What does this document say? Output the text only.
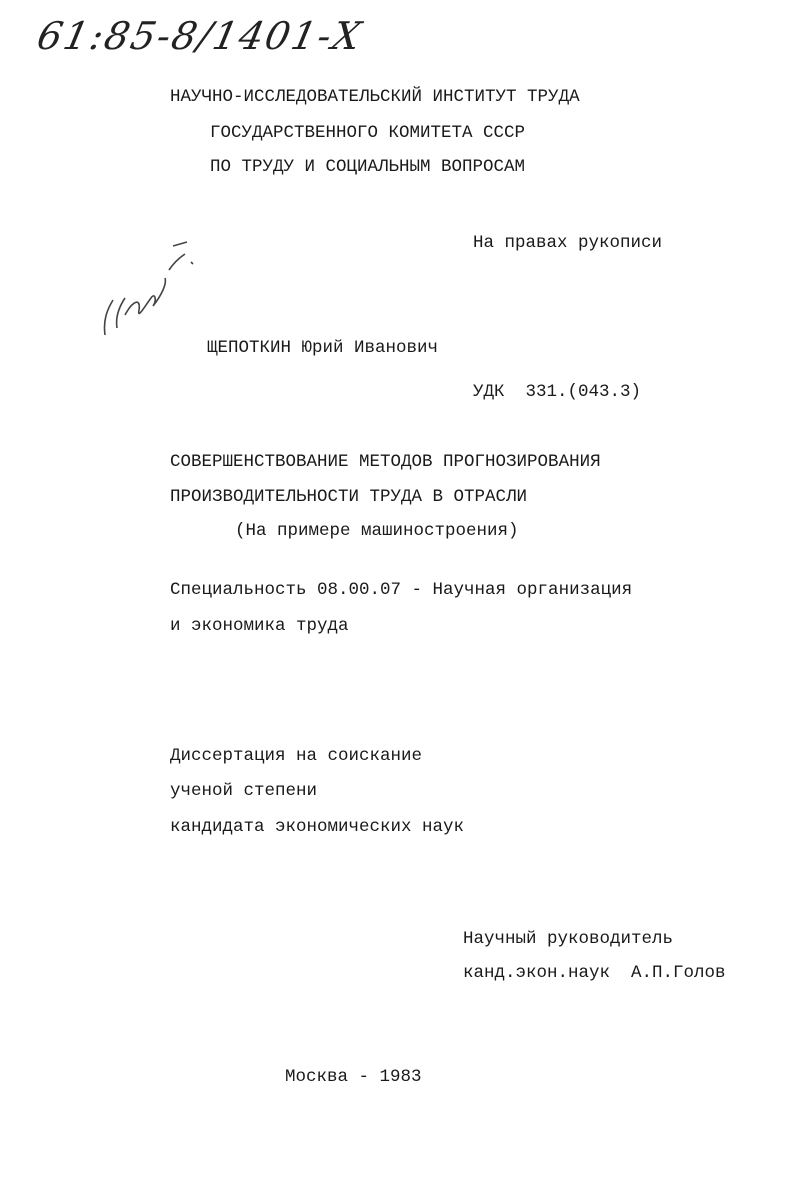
61:85-8/1401-Х
НАУЧНО-ИССЛЕДОВАТЕЛЬСКИЙ ИНСТИТУТ ТРУДА
ГОСУДАРСТВЕННОГО КОМИТЕТА СССР
ПО ТРУДУ И СОЦИАЛЬНЫМ ВОПРОСАМ
На правах рукописи
ЩЕПОТКИН Юрий Иванович
УДК  331.(043.3)
СОВЕРШЕНСТВОВАНИЕ МЕТОДОВ ПРОГНОЗИРОВАНИЯ
ПРОИЗВОДИТЕЛЬНОСТИ ТРУДА В ОТРАСЛИ
(На примере машиностроения)
Специальность 08.00.07 - Научная организация
и экономика труда
Диссертация на соискание
ученой степени
кандидата экономических наук
Научный руководитель
канд.экон.наук  А.П.Голов
Москва - 1983
